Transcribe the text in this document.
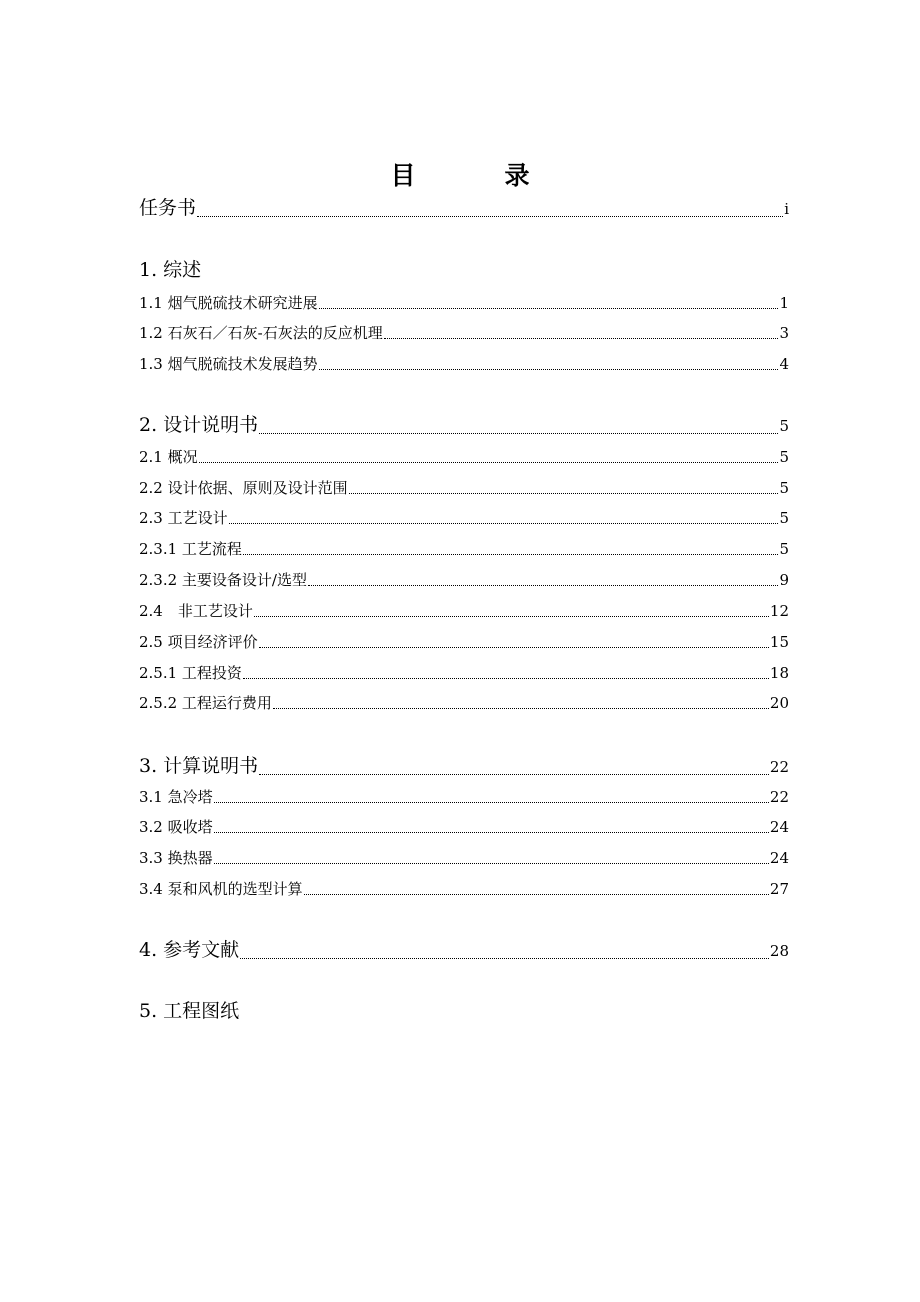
目　录
任务书	i
1. 综述
1.1 烟气脱硫技术研究进展	1
1.2 石灰石／石灰-石灰法的反应机理	3
1.3 烟气脱硫技术发展趋势	4
2. 设计说明书	5
2.1 概况	5
2.2 设计依据、原则及设计范围	5
2.3 工艺设计	5
2.3.1 工艺流程	5
2.3.2 主要设备设计/选型	9
2.4　非工艺设计	12
2.5 项目经济评价	15
2.5.1 工程投资	18
2.5.2 工程运行费用	20
3. 计算说明书	22
3.1 急冷塔	22
3.2 吸收塔	24
3.3 换热器	24
3.4 泵和风机的选型计算	27
4. 参考文献	28
5. 工程图纸
